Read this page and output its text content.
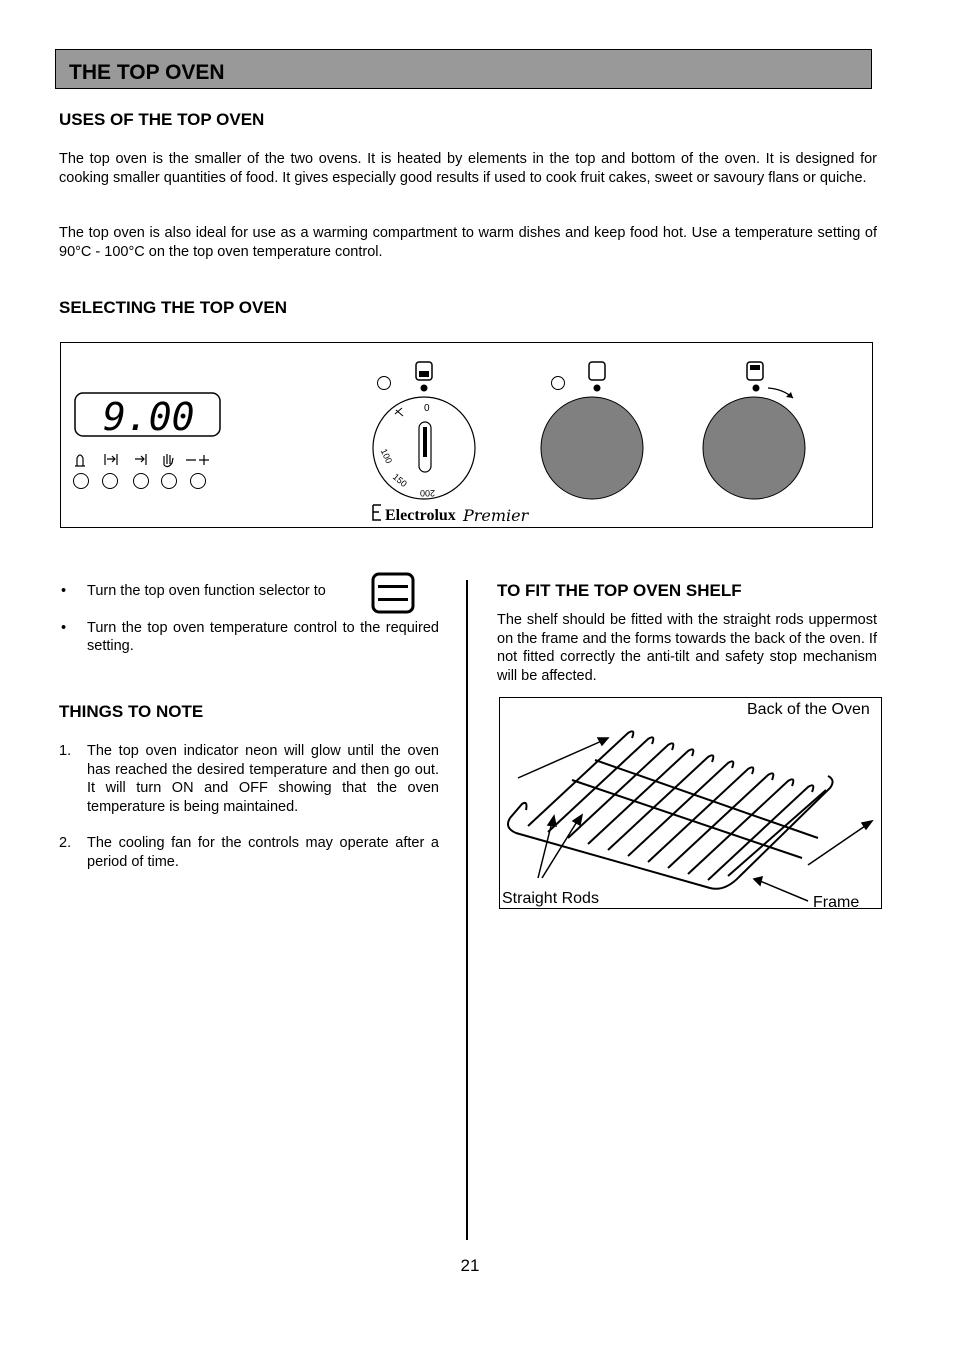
THE TOP OVEN
USES OF THE TOP OVEN

The top oven is the smaller of the two ovens. It is heated by elements in the top and bottom of the oven. It is designed for cooking smaller quantities of food. It gives especially good results if used to cook fruit cakes, sweet or savoury flans or quiche.

The top oven is also ideal for use as a warming compartment to warm dishes and keep food hot. Use a temperature setting of 90°C - 100°C on the top oven temperature control.

SELECTING THE TOP OVEN
9.00	0
100
150
200
Electrolux Premier
• Turn the top oven function selector to
• Turn the top oven temperature control to the required setting.
THINGS TO NOTE
1. The top oven indicator neon will glow until the oven has reached the desired temperature and then go out. It will turn ON and OFF showing that the oven temperature is being maintained.
2. The cooling fan for the controls may operate after a period of time.
TO FIT THE TOP OVEN SHELF

The shelf should be fitted with the straight rods uppermost on the frame and the forms towards the back of the oven. If not fitted correctly the anti-tilt and safety stop mechanism will be affected.

Back of the Oven
Straight Rods	Frame
21
